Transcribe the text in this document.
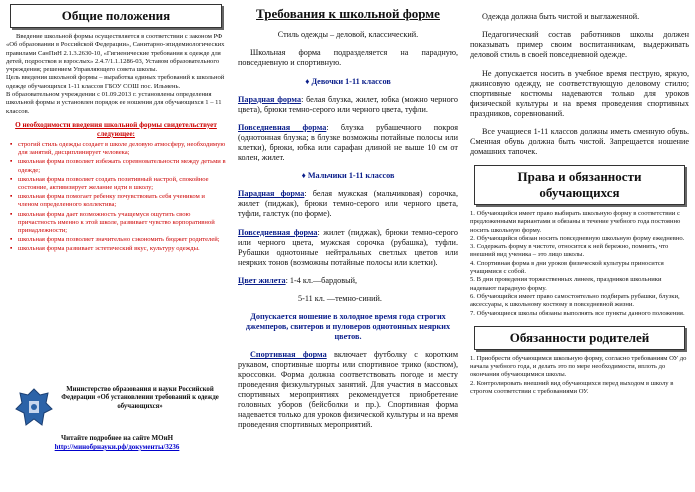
Общие положения

Введение школьной формы осуществляется в соответствии с законом РФ «Об образовании в Российской Федерации», Санитарно-эпидемиологических правилами СанПиН 2.1.3.2630-10, «Гигиенические требования к одежде для детей, подростков и взрослых» 2.4.7/1.1.1286-03, Уставом образовательного учреждения; решением Управляющего совета школы.

Цель введения школьной формы – выработка единых требований к школьной одежде обучающихся 1-11 классов ГБОУ СОШ пос. Ильмень.

В образовательном учреждении с 01.09.2013 г. установлены определения школьной формы и установлен порядок ее ношения для обучающихся 1 – 11 классов.

О необходимости введения школьной формы свидетельствует следующее:
▪ строгий стиль одежды создает в школе деловую атмосферу, необходимую для занятий, дисциплинирует человека;
▪ школьная форма позволяет избежать соревновательности между детьми в одежде;
▪ школьная форма позволяет создать позитивный настрой, спокойное состояние, активизирует желание идти в школу;
▪ школьная форма помогает ребенку почувствовать себя учеником и членом определенного коллектива;
▪ школьная форма дает возможность учащемуся ощутить свою причастность именно к этой школе, развивает чувство корпоративной принадлежности;
▪ школьная форма позволяет значительно сэкономить бюджет родителей;
▪ школьная форма развивает эстетический вкус, культуру одежды.
Министерство образования и науки Российской Федерации «Об установлении требований к одежде обучающихся»
Читайте подробнее на сайте МОиН
http://минобрнауки.рф/документы/3236
Требования к школьной форме

Стиль одежды – деловой, классический.

Школьная форма подразделяется на парадную, повседневную и спортивную.

♦ Девочки 1-11 классов

Парадная форма: белая блузка, жилет, юбка (можно черного цвета), брюки темно-серого или черного цвета, туфли.

Повседневная форма: блузка рубашечного покроя (однотонная блузка; в блузке возможны потайные полосы или клетки), брюки, юбка или сарафан длиной не выше 10 см от колен, жилет.

♦ Мальчики 1-11 классов

Парадная форма: белая мужская (мальчиковая) сорочка, жилет (пиджак), брюки темно-серого или черного цвета, туфли, галстук (по форме).

Повседневная форма: жилет (пиджак), брюки темно-серого или черного цвета, мужская сорочка (рубашка), туфли. Рубашки однотонные нейтральных светлых цветов или неярких тонов (возможны потайные полосы или клетки).

Цвет жилета: 1-4 кл.—бардовый,

5-11 кл. —темно-синий.

Допускается ношение в холодное время года строгих джемперов, свитеров и пуловеров однотонных неярких цветов.

Спортивная форма включает футболку с коротким рукавом, спортивные шорты или спортивное трико (костюм), кроссовки. Форма должна соответствовать погоде и месту проведения физкультурных занятий. Для участия в массовых спортивных мероприятиях рекомендуется приобретение головных уборов (бейсболки и пр.). Спортивная форма надевается только для уроков физической культуры и на время проведения спортивных мероприятий.

Одежда должна быть чистой и выглаженной.

Педагогический состав работников школы должен показывать пример своим воспитанникам, выдерживать деловой стиль в своей повседневной одежде.

Не допускается носить в учебное время пеструю, яркую, джинсовую одежду, не соответствующую деловому стилю; спортивные костюмы надеваются только для уроков физической культуры и на время проведения спортивных праздников, соревнований.

Все учащиеся 1-11 классов должны иметь сменную обувь. Сменная обувь должна быть чистой. Запрещается ношение домашних тапочек.

Права и обязанности обучающихся

1. Обучающийся имеет право выбирать школьную форму в соответствии с предложенными вариантами и обязаны в течение учебного года постоянно носить школьную форму.

2. Обучающийся обязан носить повседневную школьную форму ежедневно.

3. Содержать форму в чистоте, относится к ней бережно, помнить, что внешний вид ученика – это лицо школы.

4. Спортивная форма в дни уроков физической культуры приносится учащимися с собой.

5. В дни проведения торжественных линеек, праздников школьники надевают парадную форму.

6. Обучающийся имеет право самостоятельно подбирать рубашки, блузки, аксессуары, к школьному костюму в повседневной жизни.

7. Обучающиеся школы обязаны выполнять все пункты данного положения.

Обязанности родителей

1. Приобрести обучающимся школьную форму, согласно требованиям ОУ до начала учебного года, и делать это по мере необходимости, вплоть до окончания обучающимися школы.

2. Контролировать внешний вид обучающихся перед выходом в школу в строгом соответствии с требованиями ОУ.
